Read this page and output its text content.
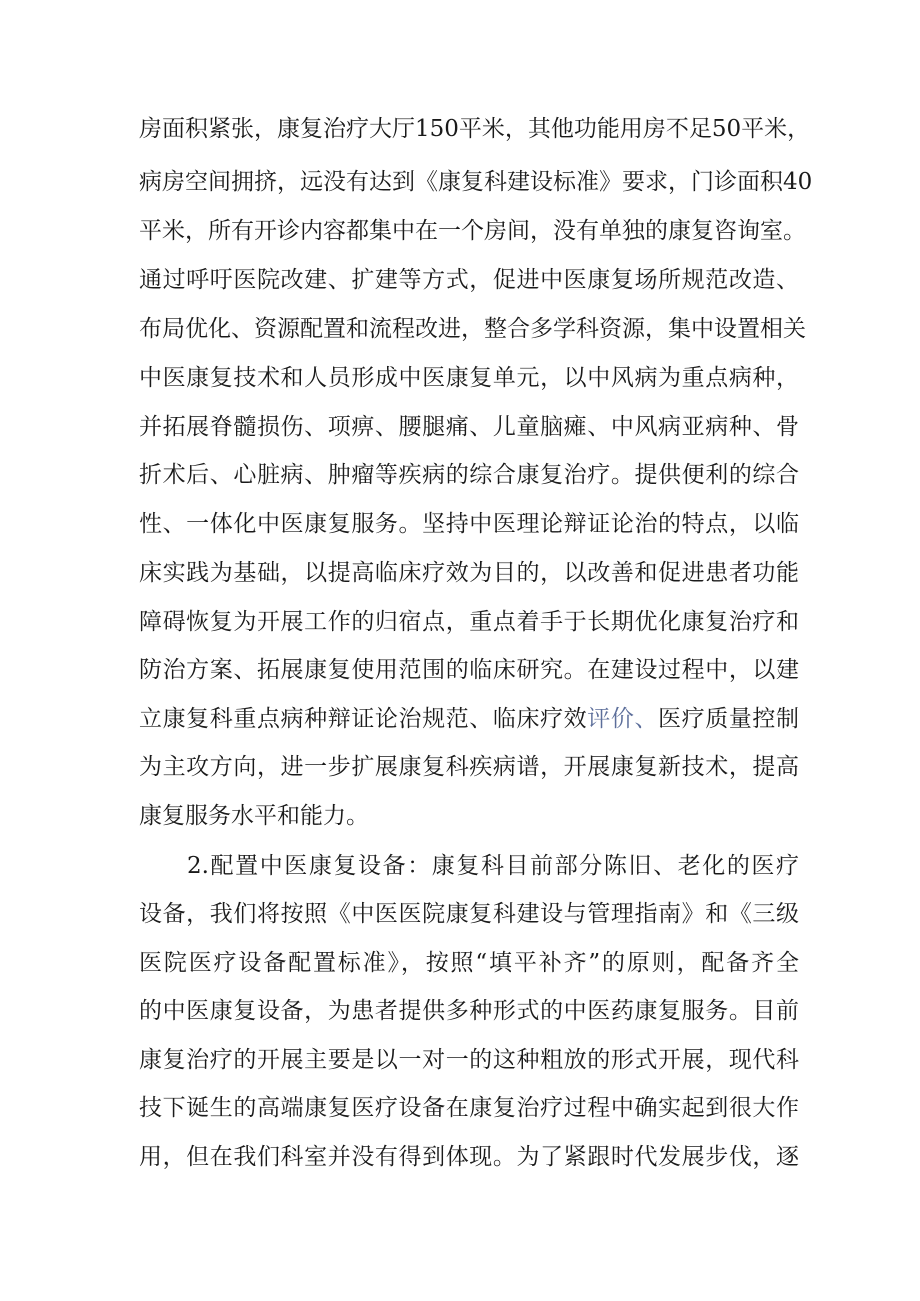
房面积紧张，康复治疗大厅150平米，其他功能用房不足50平米，
病房空间拥挤，远没有达到《康复科建设标准》要求，门诊面积40
平米，所有开诊内容都集中在一个房间，没有单独的康复咨询室。
通过呼吁医院改建、扩建等方式，促进中医康复场所规范改造、
布局优化、资源配置和流程改进，整合多学科资源，集中设置相关
中医康复技术和人员形成中医康复单元，以中风病为重点病种，
并拓展脊髓损伤、项痹、腰腿痛、儿童脑瘫、中风病亚病种、骨
折术后、心脏病、肿瘤等疾病的综合康复治疗。提供便利的综合
性、一体化中医康复服务。坚持中医理论辩证论治的特点，以临
床实践为基础，以提高临床疗效为目的，以改善和促进患者功能
障碍恢复为开展工作的归宿点，重点着手于长期优化康复治疗和
防治方案、拓展康复使用范围的临床研究。在建设过程中，以建
立康复科重点病种辩证论治规范、临床疗效评价、医疗质量控制
为主攻方向，进一步扩展康复科疾病谱，开展康复新技术，提高
康复服务水平和能力。
2.配置中医康复设备：康复科目前部分陈旧、老化的医疗
设备，我们将按照《中医医院康复科建设与管理指南》和《三级
医院医疗设备配置标准》，按照“填平补齐”的原则，配备齐全
的中医康复设备，为患者提供多种形式的中医药康复服务。目前
康复治疗的开展主要是以一对一的这种粗放的形式开展，现代科
技下诞生的高端康复医疗设备在康复治疗过程中确实起到很大作
用，但在我们科室并没有得到体现。为了紧跟时代发展步伐，逐
